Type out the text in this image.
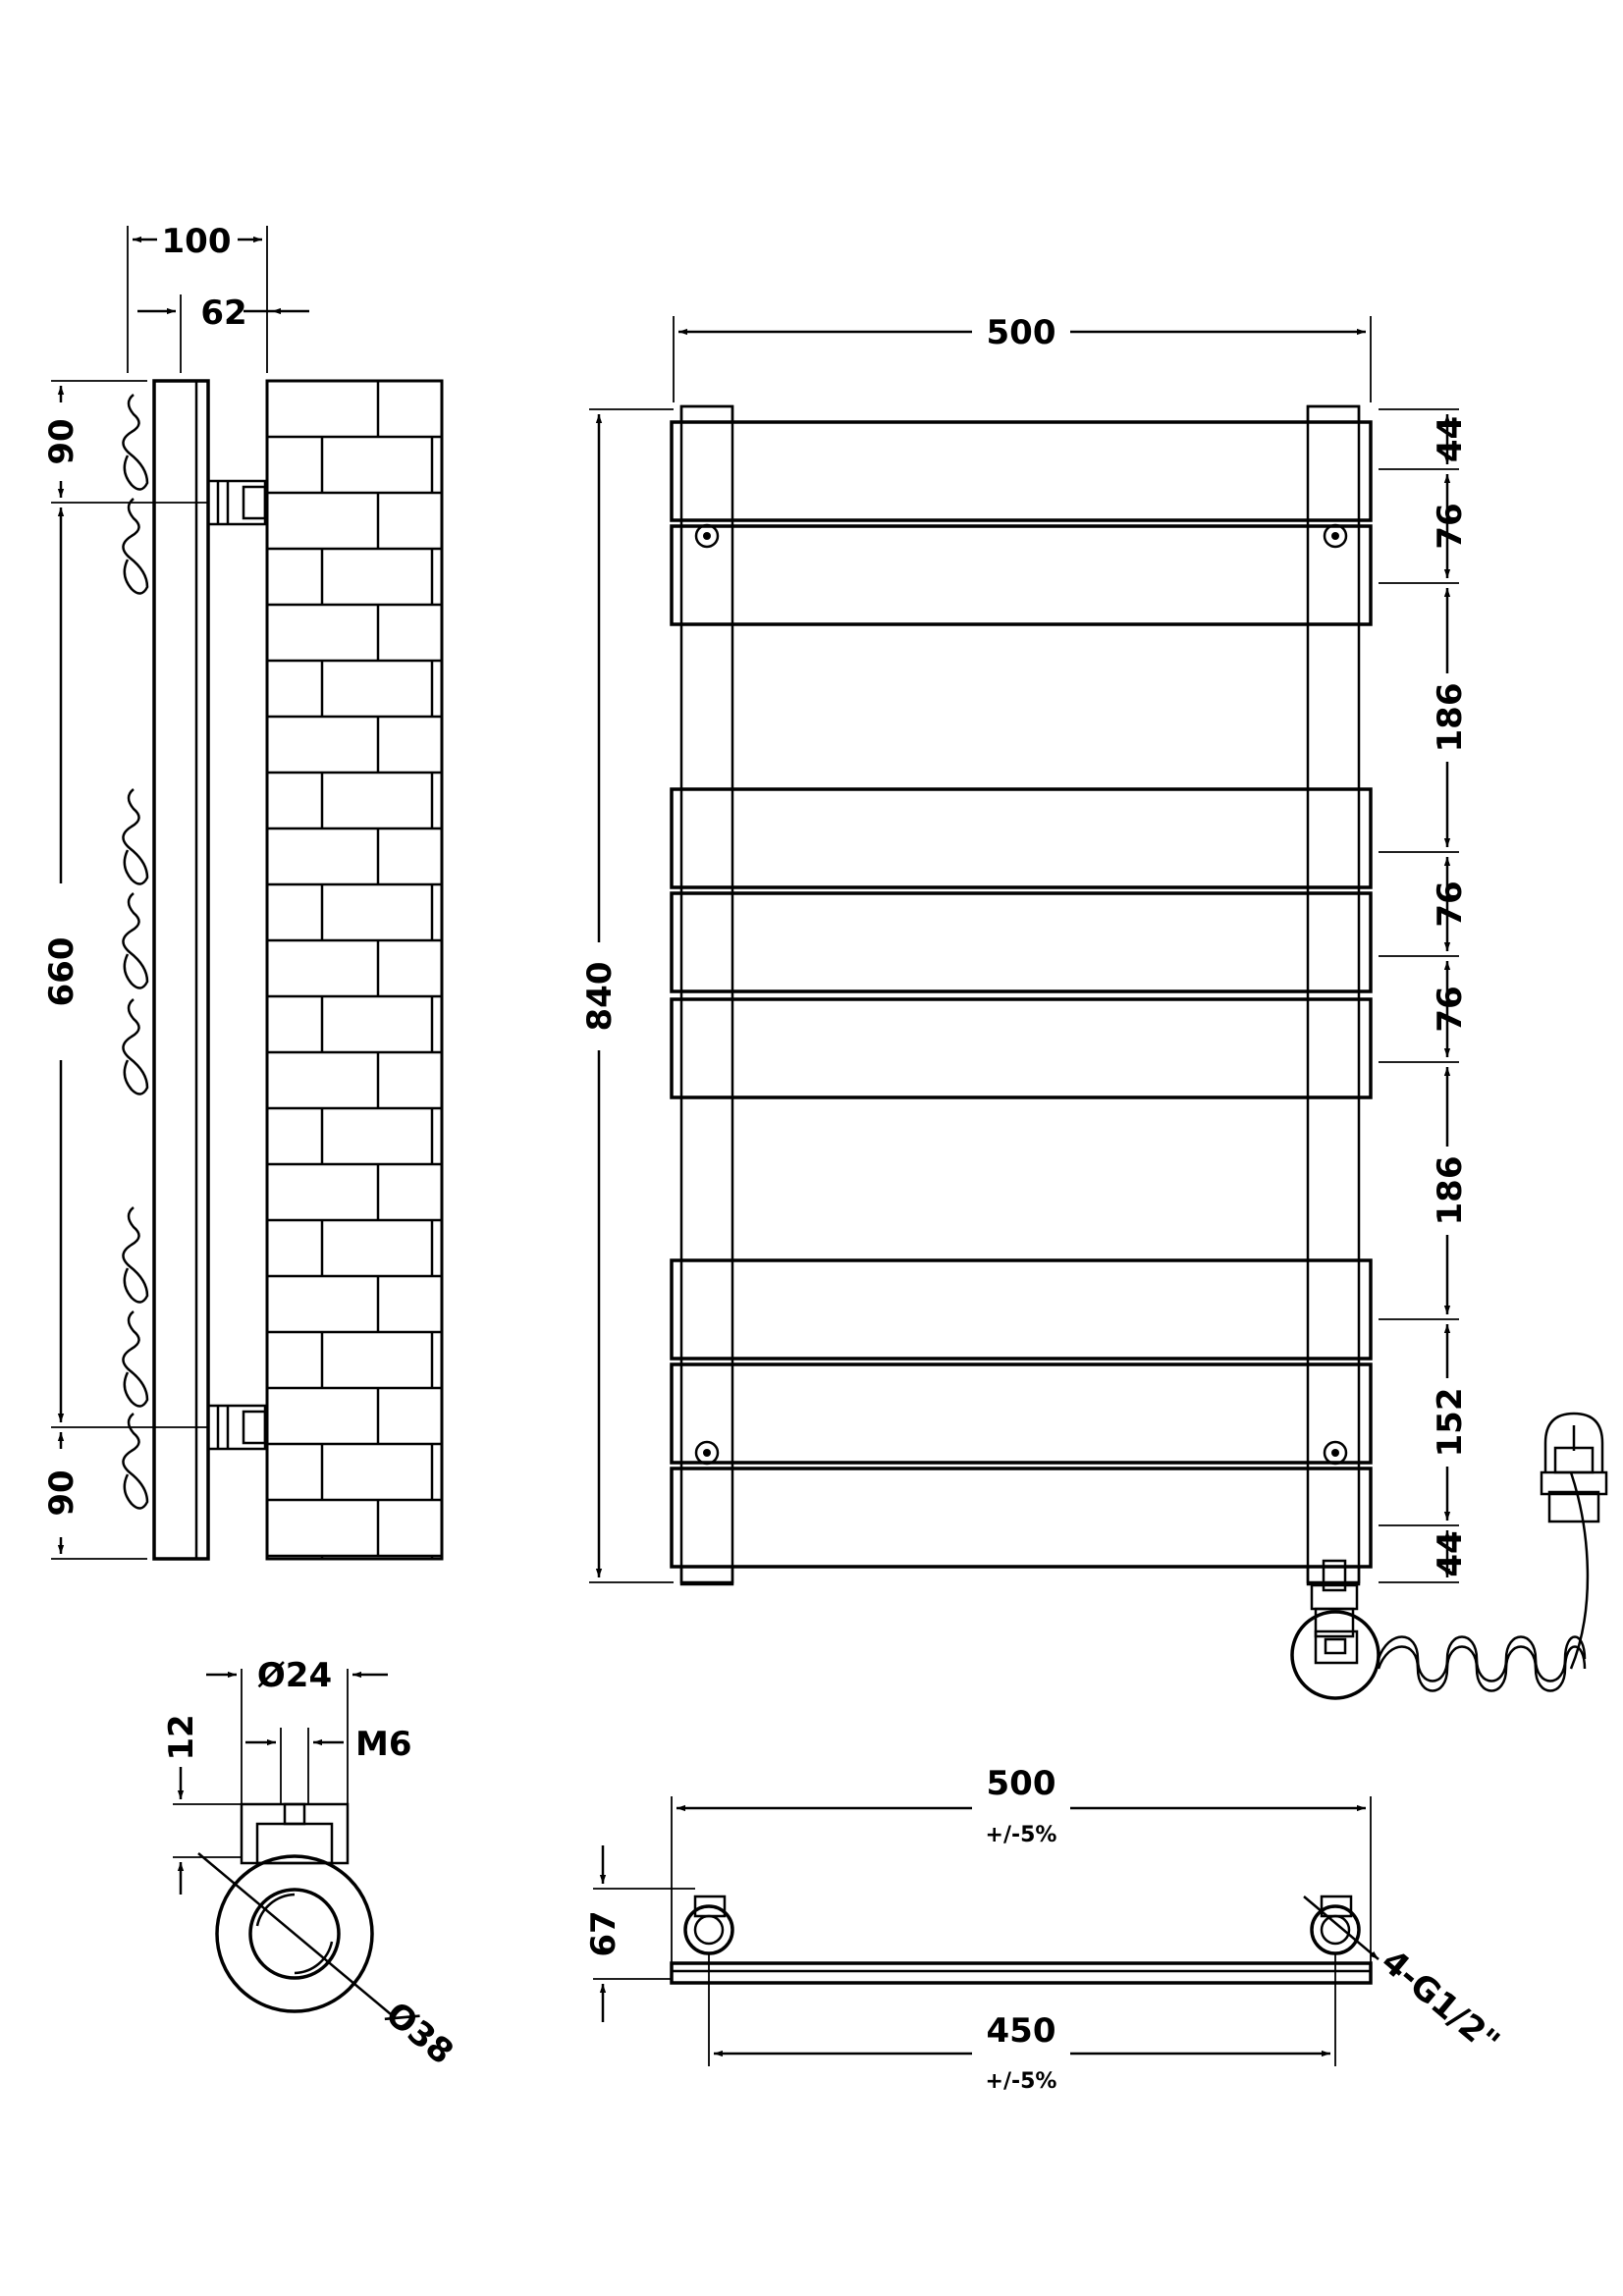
100
62
90
660
90
500
840
44
76
186
76
76
186
152
44
Ø24
M6
12
Ø38
500
+/-5%
450
+/-5%
67
4-G1/2"
